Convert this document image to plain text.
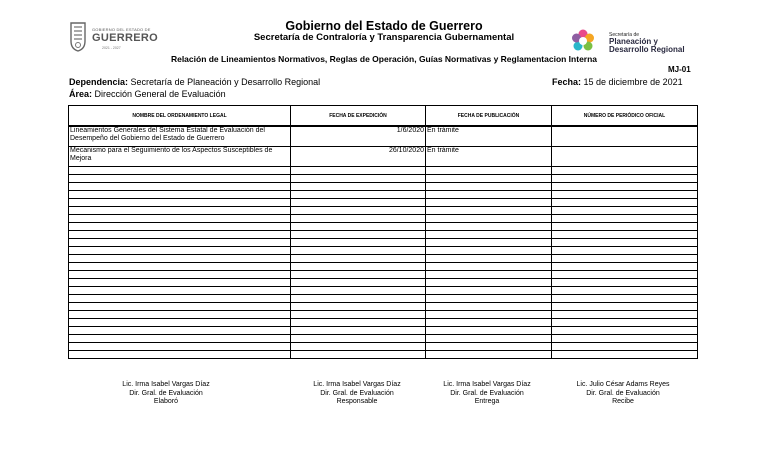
GOBIERNO DEL ESTADO DE
GUERRERO
2021 - 2027
Gobierno del Estado de Guerrero
Secretaría de Contraloría y Transparencia Gubernamental	Secretaría de
Planeación y
Desarrollo Regional
Relación de Lineamientos Normativos, Reglas de Operación, Guías Normativas y Reglamentacion Interna
MJ-01
Dependencia: Secretaría de Planeación y Desarrollo Regional
Área: Dirección General de Evaluación
Fecha: 15 de diciembre de 2021
NOMBRE DEL ORDENAMIENTO LEGAL	FECHA DE EXPEDICIÓN	FECHA DE PUBLICACIÓN	NÚMERO DE PERIÓDICO OFICIAL
Lineamientos Generales del Sistema Estatal de Evaluación del Desempeño del Gobierno del Estado de Guerrero	1/6/2020	En trámite	
Mecanismo para el Seguimiento de los Aspectos Susceptibles de Mejora	26/10/2020	En trámite	

Lic. Irma Isabel Vargas Díaz
Dir. Gral. de Evaluación
Elaboró
Lic. Irma Isabel Vargas Díaz
Dir. Gral. de Evaluación
Responsable
Lic. Irma Isabel Vargas Díaz
Dir. Gral. de Evaluación
Entrega
Lic. Julio César Adams Reyes
Dir. Gral. de Evaluación
Recibe
